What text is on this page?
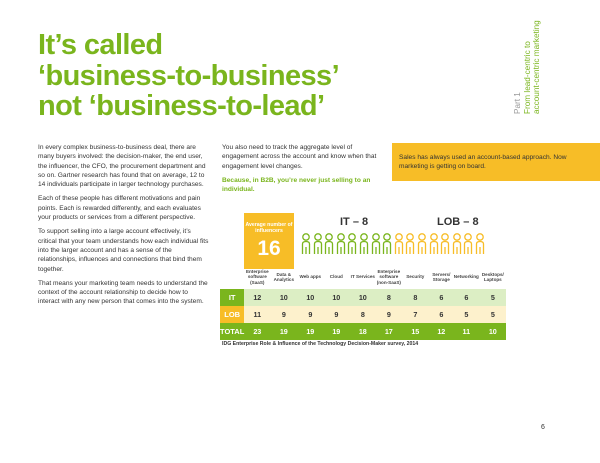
It’s called
‘business-to-business’
not ‘business-to-lead’	Part 1 From lead-centric to account-centric marketing

In every complex business-to-business deal, there are many buyers involved: the decision-maker, the end user, the influencer, the CFO, the procurement department and so on. Gartner research has found that on average, 12 to 14 individuals participate in larger technology purchases.

Each of these people has different motivations and pain points. Each is rewarded differently, and each evaluates your products or services from a different perspective.

To support selling into a large account effectively, it’s critical that your team understands how each individual fits into the larger account and has a sense of the relationships, influences and connections that bind them together.

That means your marketing team needs to understand the context of the account relationship to decide how to interact with any new person that comes into the system.

You also need to track the aggregate level of engagement across the account and know when that engagement level changes.

Because, in B2B, you’re never just selling to an individual.

Sales has always used an account-based approach. Now marketing is getting on board.
Average number of influencers
16
IT – 8	LOB – 8
	Enterprise software (SaaS)	Data & Analytics	Web apps	Cloud	IT Services	Enterprise software (non-SaaS)	Security	Servers/ Storage	Networking	Desktops/ Laptops
IT	12	10	10	10	10	8	8	6	6	5
LOB	11	9	9	9	8	9	7	6	5	5
TOTAL	23	19	19	19	18	17	15	12	11	10
IDG Enterprise Role & Influence of the Technology Decision-Maker survey, 2014
6
